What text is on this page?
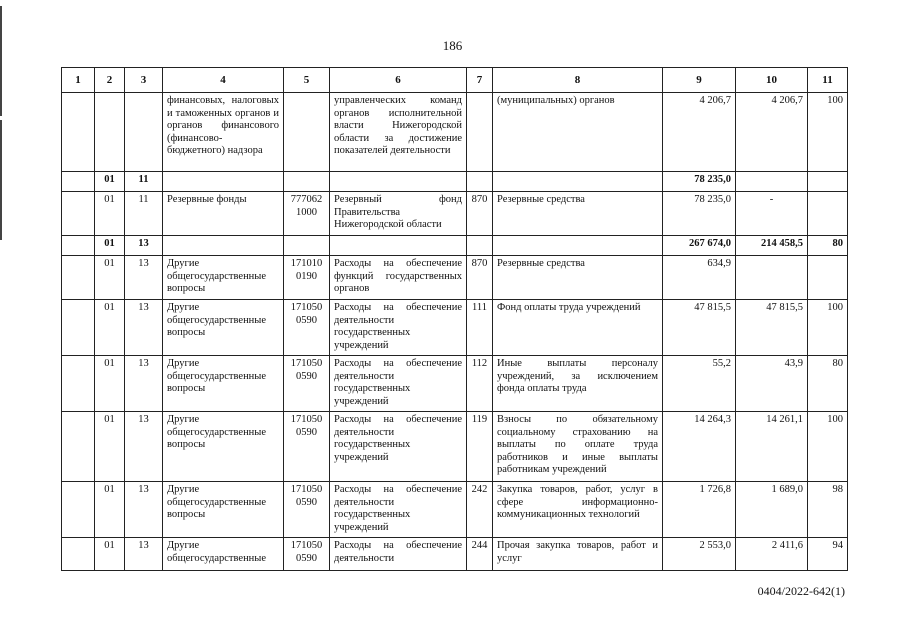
186
1	2	3	4	5	6	7	8	9	10	11
			финансовых, налоговых и таможенных органов и органов финансового (финансово-бюджетного) надзора		управленческих команд органов исполнительной власти Нижегородской области за достижение показателей деятельности		(муниципальных) органов	4 206,7	4 206,7	100
	01	11						78 235,0		
	01	11	Резервные фонды	777062 1000	Резервный фонд Правительства Нижегородской области	870	Резервные средства	78 235,0	-	
	01	13						267 674,0	214 458,5	80
	01	13	Другие общегосударственные вопросы	171010 0190	Расходы на обеспечение функций государственных органов	870	Резервные средства	634,9		
	01	13	Другие общегосударственные вопросы	171050 0590	Расходы на обеспечение деятельности государственных учреждений	111	Фонд оплаты труда учреждений	47 815,5	47 815,5	100
	01	13	Другие общегосударственные вопросы	171050 0590	Расходы на обеспечение деятельности государственных учреждений	112	Иные выплаты персоналу учреждений, за исключением фонда оплаты труда	55,2	43,9	80
	01	13	Другие общегосударственные вопросы	171050 0590	Расходы на обеспечение деятельности государственных учреждений	119	Взносы по обязательному социальному страхованию на выплаты по оплате труда работников и иные выплаты работникам учреждений	14 264,3	14 261,1	100
	01	13	Другие общегосударственные вопросы	171050 0590	Расходы на обеспечение деятельности государственных учреждений	242	Закупка товаров, работ, услуг в сфере информационно-коммуникационных технологий	1 726,8	1 689,0	98
	01	13	Другие общегосударственные	171050 0590	Расходы на обеспечение деятельности	244	Прочая закупка товаров, работ и услуг	2 553,0	2 411,6	94
0404/2022-642(1)
